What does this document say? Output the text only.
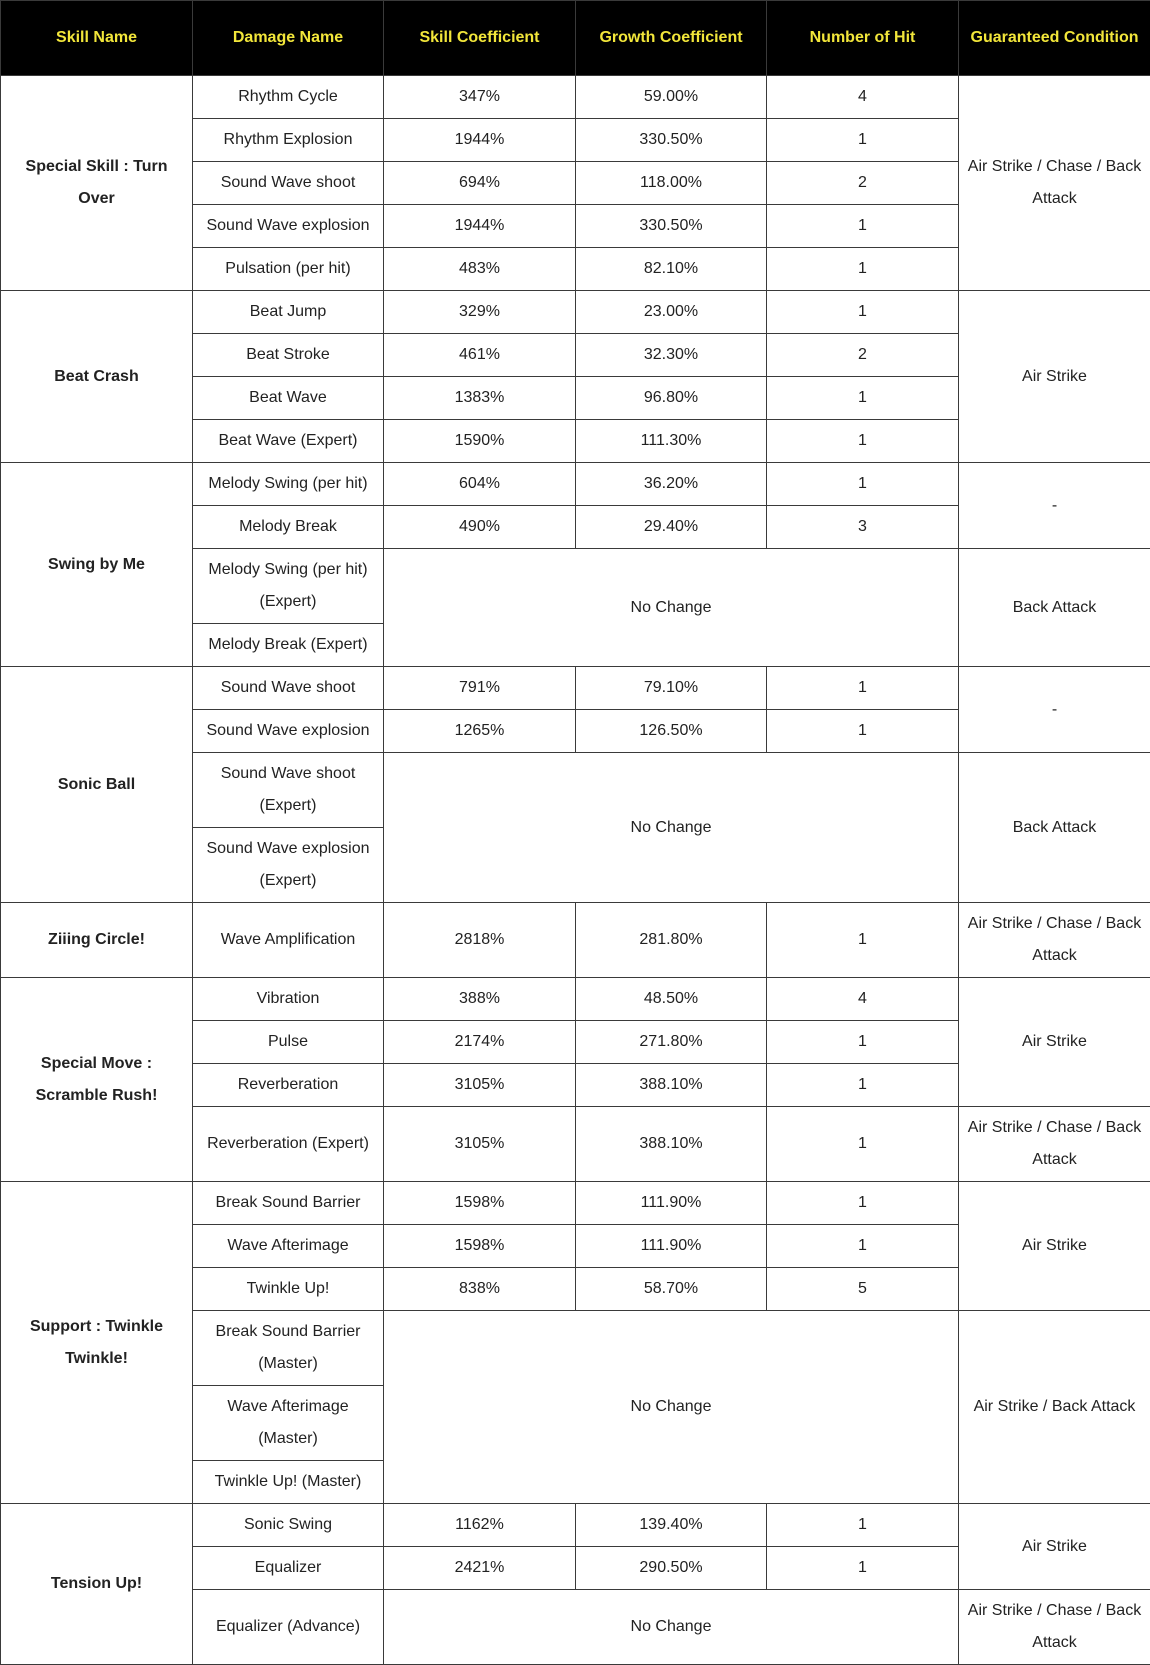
Skill Name	Damage Name	Skill Coefficient	Growth Coefficient	Number of Hit	Guaranteed Condition
Special Skill : Turn Over	Rhythm Cycle	347%	59.00%	4	Air Strike / Chase / Back Attack
	Rhythm Explosion	1944%	330.50%	1	
	Sound Wave shoot	694%	118.00%	2	
	Sound Wave explosion	1944%	330.50%	1	
	Pulsation (per hit)	483%	82.10%	1	
Beat Crash	Beat Jump	329%	23.00%	1	Air Strike
	Beat Stroke	461%	32.30%	2	
	Beat Wave	1383%	96.80%	1	
	Beat Wave (Expert)	1590%	111.30%	1	
Swing by Me	Melody Swing (per hit)	604%	36.20%	1	-
	Melody Break	490%	29.40%	3	
	Melody Swing (per hit) (Expert)	No Change			Back Attack
	Melody Break (Expert)				
Sonic Ball	Sound Wave shoot	791%	79.10%	1	-
	Sound Wave explosion	1265%	126.50%	1	
	Sound Wave shoot (Expert)	No Change			Back Attack
	Sound Wave explosion (Expert)				
Ziiing Circle!	Wave Amplification	2818%	281.80%	1	Air Strike / Chase / Back Attack
Special Move : Scramble Rush!	Vibration	388%	48.50%	4	Air Strike
	Pulse	2174%	271.80%	1	
	Reverberation	3105%	388.10%	1	
	Reverberation (Expert)	3105%	388.10%	1	Air Strike / Chase / Back Attack
Support : Twinkle Twinkle!	Break Sound Barrier	1598%	111.90%	1	Air Strike
	Wave Afterimage	1598%	111.90%	1	
	Twinkle Up!	838%	58.70%	5	
	Break Sound Barrier (Master)	No Change			Air Strike / Back Attack
	Wave Afterimage (Master)				
	Twinkle Up! (Master)				
Tension Up!	Sonic Swing	1162%	139.40%	1	Air Strike
	Equalizer	2421%	290.50%	1	
	Equalizer (Advance)	No Change			Air Strike / Chase / Back Attack
